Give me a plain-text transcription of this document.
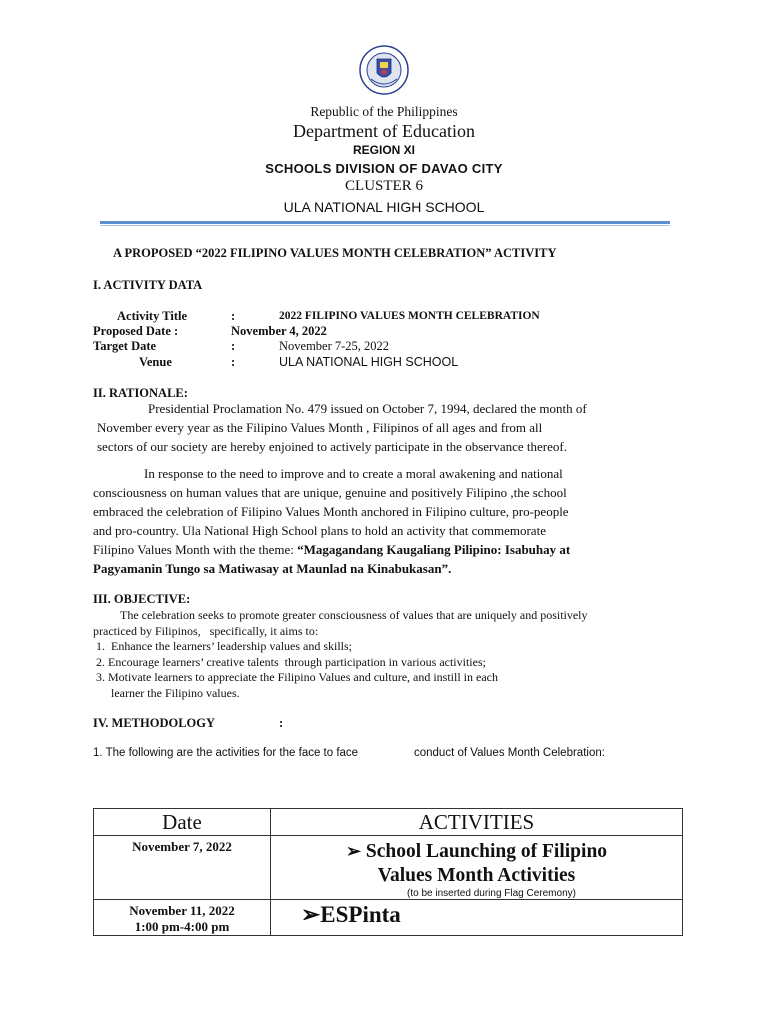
Republic of the Philippines
Department of Education
REGION XI
SCHOOLS DIVISION OF DAVAO CITY
CLUSTER 6
ULA NATIONAL HIGH SCHOOL
A PROPOSED “2022 FILIPINO VALUES MONTH CELEBRATION” ACTIVITY
I. ACTIVITY DATA
Activity Title	:	2022 FILIPINO VALUES MONTH CELEBRATION
Proposed Date :	November 4, 2022
Target Date	:	November 7-25, 2022
Venue	:	ULA NATIONAL HIGH SCHOOL
II. RATIONALE:
Presidential Proclamation No. 479 issued on October 7, 1994, declared the month of
November every year as the Filipino Values Month , Filipinos of all ages and from all
sectors of our society are hereby enjoined to actively participate in the observance thereof.
In response to the need to improve and to create a moral awakening and national
consciousness on human values that are unique, genuine and positively Filipino ,the school
embraced the celebration of Filipino Values Month anchored in Filipino culture, pro-people
and pro-country. Ula National High School plans to hold an activity that commemorate
Filipino Values Month with the theme: “Magagandang Kaugaliang Pilipino: Isabuhay at
Pagyamanin Tungo sa Matiwasay at Maunlad na Kinabukasan”.
III. OBJECTIVE:
The celebration seeks to promote greater consciousness of values that are uniquely and positively
practiced by Filipinos,   specifically, it aims to:
1.  Enhance the learners’ leadership values and skills;
2. Encourage learners’ creative talents  through participation in various activities;
3. Motivate learners to appreciate the Filipino Values and culture, and instill in each
learner the Filipino values.
IV. METHODOLOGY	:
1. The following are the activities for the face to face	conduct of Values Month Celebration:
Date	ACTIVITIES

November 7, 2022	➢ School Launching of Filipino
Values Month Activities
(to be inserted during Flag Ceremony)

November 11, 2022
1:00 pm-4:00 pm	➢ESPinta
